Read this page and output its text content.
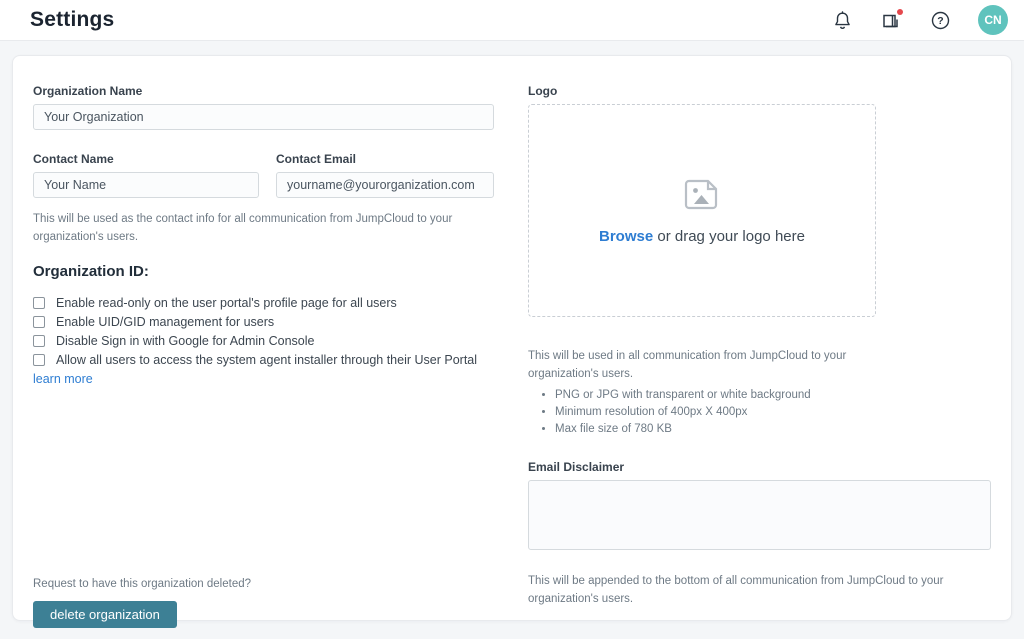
Settings	?	CN
Organization Name
Your Organization
Contact Name
Your Name	Contact Email
yourname@yourorganization.com
This will be used as the contact info for all communication from JumpCloud to your organization's users.
Organization ID:
Enable read-only on the user portal's profile page for all users
Enable UID/GID management for users
Disable Sign in with Google for Admin Console
Allow all users to access the system agent installer through their User Portal learn more
Request to have this organization deleted?
delete organization
Logo
Browse or drag your logo here
This will be used in all communication from JumpCloud to your organization's users.
• PNG or JPG with transparent or white background
• Minimum resolution of 400px X 400px
• Max file size of 780 KB
Email Disclaimer
This will be appended to the bottom of all communication from JumpCloud to your organization's users.
